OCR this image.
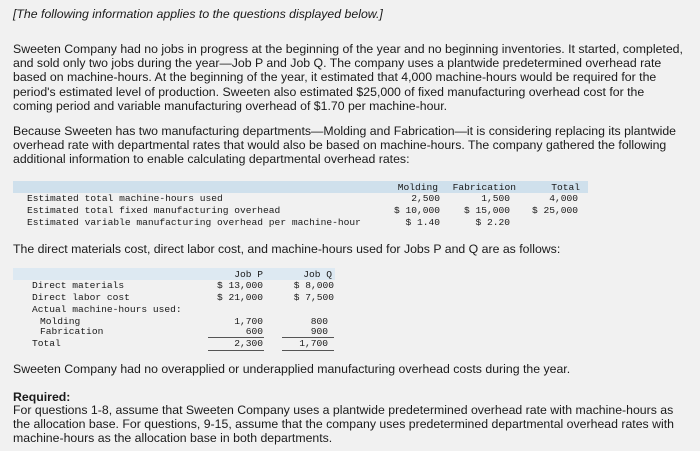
[The following information applies to the questions displayed below.]

Sweeten Company had no jobs in progress at the beginning of the year and no beginning inventories. It started, completed, and sold only two jobs during the year—Job P and Job Q. The company uses a plantwide predetermined overhead rate based on machine-hours. At the beginning of the year, it estimated that 4,000 machine-hours would be required for the period's estimated level of production. Sweeten also estimated $25,000 of fixed manufacturing overhead cost for the coming period and variable manufacturing overhead of $1.70 per machine-hour.

Because Sweeten has two manufacturing departments—Molding and Fabrication—it is considering replacing its plantwide overhead rate with departmental rates that would also be based on machine-hours. The company gathered the following additional information to enable calculating departmental overhead rates:

Molding	Fabrication	Total
Estimated total machine-hours used	2,500	1,500	4,000
Estimated total fixed manufacturing overhead	$ 10,000	$ 15,000	$ 25,000
Estimated variable manufacturing overhead per machine-hour	$ 1.40	$ 2.20

The direct materials cost, direct labor cost, and machine-hours used for Jobs P and Q are as follows:

Job P	Job Q
Direct materials	$ 13,000	$ 8,000
Direct labor cost	$ 21,000	$ 7,500
Actual machine-hours used:
Molding	1,700	800
Fabrication	600	900
Total	2,300	1,700

Sweeten Company had no overapplied or underapplied manufacturing overhead costs during the year.

Required:

For questions 1-8, assume that Sweeten Company uses a plantwide predetermined overhead rate with machine-hours as the allocation base. For questions, 9-15, assume that the company uses predetermined departmental overhead rates with machine-hours as the allocation base in both departments.
